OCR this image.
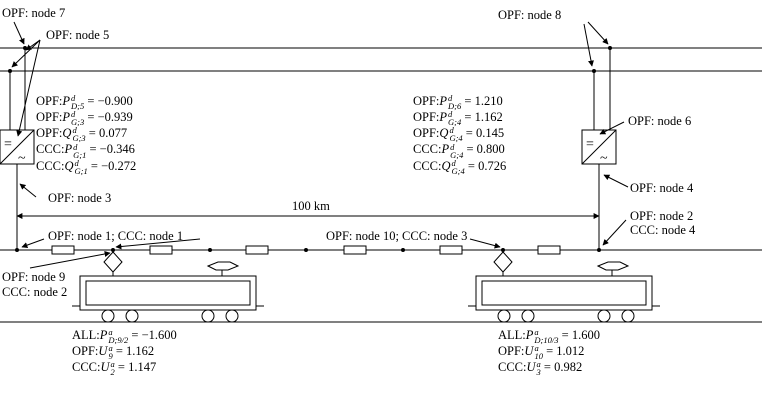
=
~
=
~
OPF: node 7
OPF: node 5
OPF: node 8
OPF: node 6
OPF: node 3
OPF: node 4
100 km
OPF: node 2
CCC: node 4
OPF: node 1; CCC: node 1	OPF: node 10; CCC: node 3
OPF: node 9
CCC: node 2
OPF:P d
D;5 = −0.900
OPF:P d
G;3 = −0.939
OPF:Q d
G;3 = 0.077
CCC:P d
G;1 = −0.346
CCC:Q d
G;1 = −0.272
OPF:P d
D;6 = 1.210
OPF:P d
G;4 = 1.162
OPF:Q d
G;4 = 0.145
CCC:P d
G;4 = 0.800
CCC:Q d
G;4 = 0.726
ALL:P a
D;9/2 = −1.600
OPF:U a
9 = 1.162
CCC:U a
2 = 1.147
ALL:P a
D;10/3 = 1.600
OPF:U a
10 = 1.012
CCC:U a
3 = 0.982
